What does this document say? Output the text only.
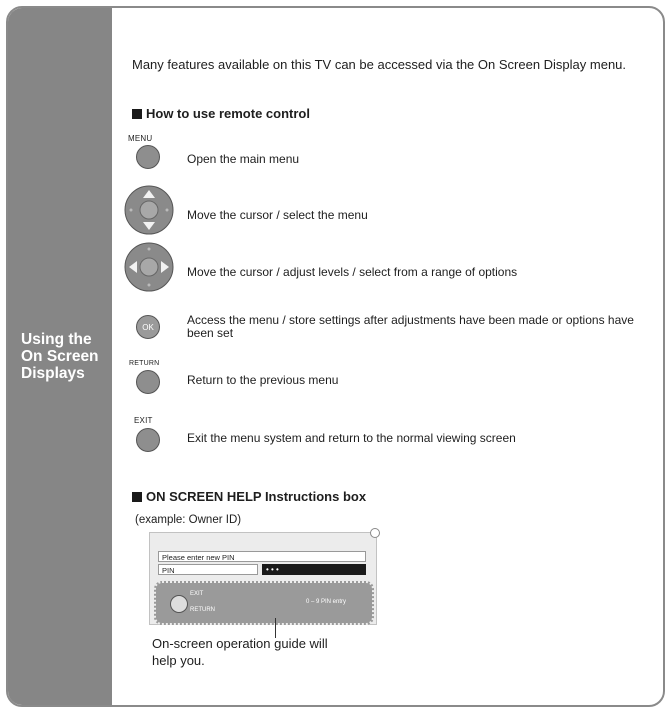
Using the
On Screen
Displays
Many features available on this TV can be accessed via the On Screen Display menu.
How to use remote control
MENU
Open the main menu
Move the cursor / select the menu
Move the cursor / adjust levels / select from a range of options
OK	Access the menu / store settings after adjustments have been made or options have been set
RETURN
Return to the previous menu
EXIT
Exit the menu system and return to the normal viewing screen
ON SCREEN HELP Instructions box
(example: Owner ID)
Please enter new PIN
PIN	• • •
EXIT
RETURN
0 – 9 PIN entry
On-screen operation guide will help you.
